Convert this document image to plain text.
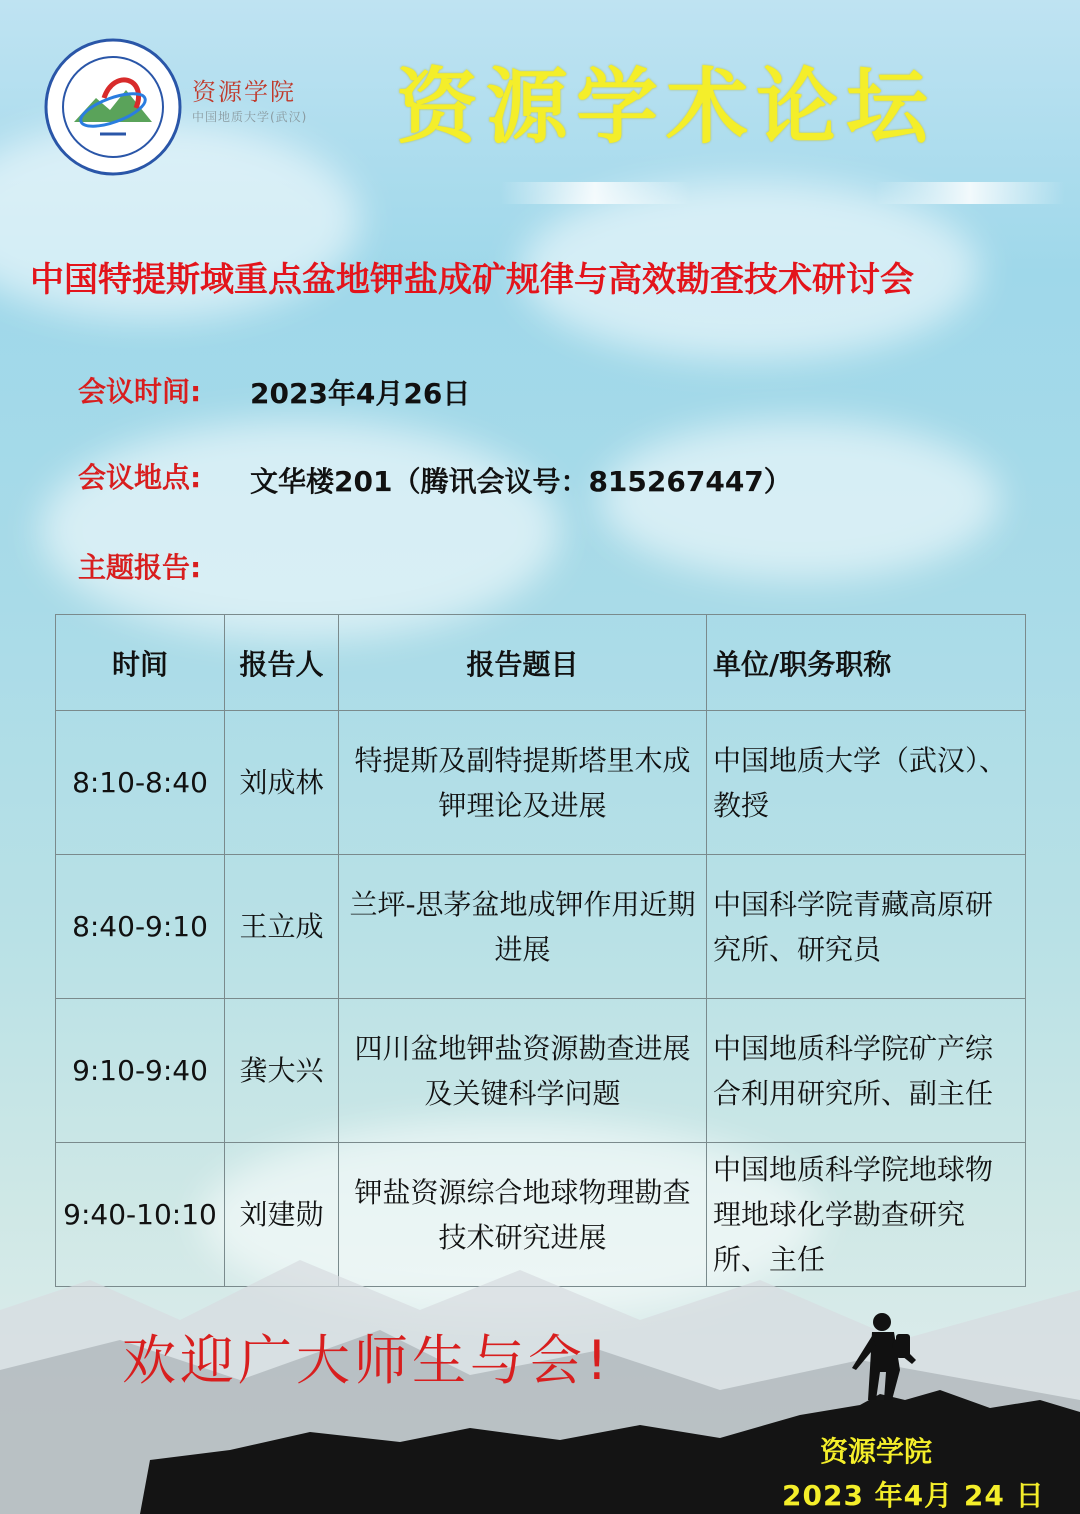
资源学院
中国地质大学(武汉) 资源学术论坛
中国特提斯域重点盆地钾盐成矿规律与高效勘查技术研讨会
会议时间: 2023年4月26日
会议地点: 文华楼201（腾讯会议号：815267447）
主题报告:
时间	报告人	报告题目	单位/职务职称
8:10-8:40	刘成林	特提斯及副特提斯塔里木成钾理论及进展	中国地质大学（武汉）、教授
8:40-9:10	王立成	兰坪-思茅盆地成钾作用近期进展	中国科学院青藏高原研究所、研究员
9:10-9:40	龚大兴	四川盆地钾盐资源勘查进展及关键科学问题	中国地质科学院矿产综合利用研究所、副主任
9:40-10:10	刘建勋	钾盐资源综合地球物理勘查技术研究进展	中国地质科学院地球物理地球化学勘查研究所、主任
欢迎广大师生与会!
资源学院
2023 年4月 24 日
